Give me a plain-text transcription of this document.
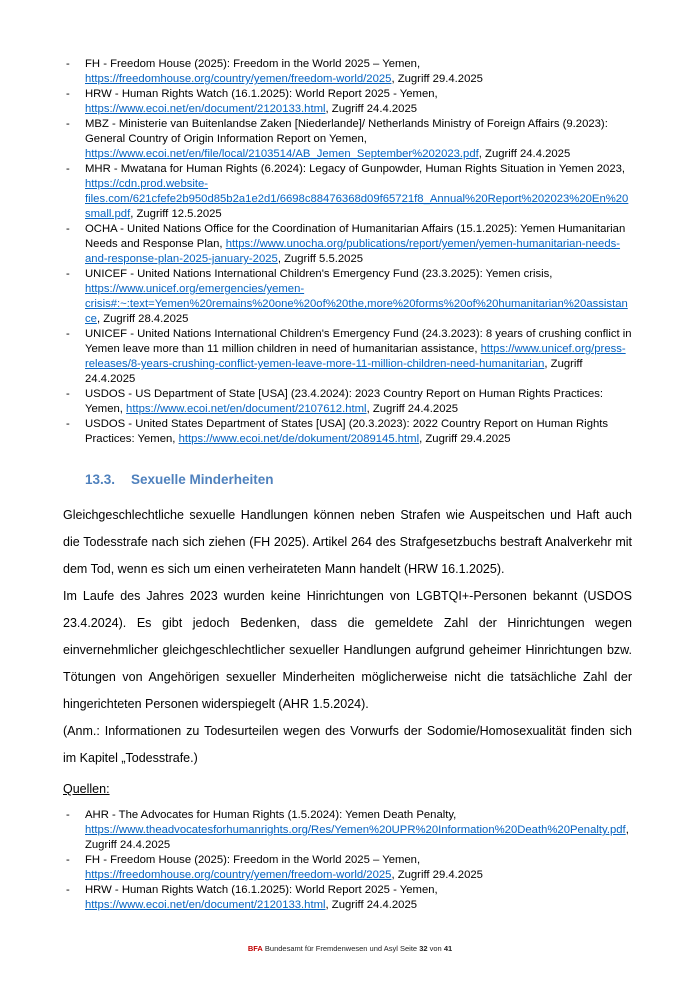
- FH - Freedom House (2025): Freedom in the World 2025 – Yemen, https://freedomhouse.org/country/yemen/freedom-world/2025, Zugriff 29.4.2025
- HRW - Human Rights Watch (16.1.2025): World Report 2025 - Yemen, https://www.ecoi.net/en/document/2120133.html, Zugriff 24.4.2025
- MBZ - Ministerie van Buitenlandse Zaken [Niederlande]/ Netherlands Ministry of Foreign Affairs (9.2023): General Country of Origin Information Report on Yemen, https://www.ecoi.net/en/file/local/2103514/AB_Jemen_September%202023.pdf, Zugriff 24.4.2025
- MHR - Mwatana for Human Rights (6.2024): Legacy of Gunpowder, Human Rights Situation in Yemen 2023, https://cdn.prod.website-files.com/621cfefe2b950d85b2a1e2d1/6698c88476368d09f65721f8_Annual%20Report%202023%20En%20small.pdf, Zugriff 12.5.2025
- OCHA - United Nations Office for the Coordination of Humanitarian Affairs (15.1.2025): Yemen Humanitarian Needs and Response Plan, https://www.unocha.org/publications/report/yemen/yemen-humanitarian-needs-and-response-plan-2025-january-2025, Zugriff 5.5.2025
- UNICEF - United Nations International Children's Emergency Fund (23.3.2025): Yemen crisis, https://www.unicef.org/emergencies/yemen-crisis#:~:text=Yemen%20remains%20one%20of%20the,more%20forms%20of%20humanitarian%20assistance, Zugriff 28.4.2025
- UNICEF - United Nations International Children's Emergency Fund (24.3.2023): 8 years of crushing conflict in Yemen leave more than 11 million children in need of humanitarian assistance, https://www.unicef.org/press-releases/8-years-crushing-conflict-yemen-leave-more-11-million-children-need-humanitarian, Zugriff 24.4.2025
- USDOS - US Department of State [USA] (23.4.2024): 2023 Country Report on Human Rights Practices: Yemen, https://www.ecoi.net/en/document/2107612.html, Zugriff 24.4.2025
- USDOS - United States Department of States [USA] (20.3.2023): 2022 Country Report on Human Rights Practices: Yemen, https://www.ecoi.net/de/dokument/2089145.html, Zugriff 29.4.2025
13.3. Sexuelle Minderheiten

Gleichgeschlechtliche sexuelle Handlungen können neben Strafen wie Auspeitschen und Haft auch die Todesstrafe nach sich ziehen (FH 2025). Artikel 264 des Strafgesetzbuchs bestraft Analverkehr mit dem Tod, wenn es sich um einen verheirateten Mann handelt (HRW 16.1.2025).

Im Laufe des Jahres 2023 wurden keine Hinrichtungen von LGBTQI+-Personen bekannt (USDOS 23.4.2024). Es gibt jedoch Bedenken, dass die gemeldete Zahl der Hinrichtungen wegen einvernehmlicher gleichgeschlechtlicher sexueller Handlungen aufgrund geheimer Hinrichtungen bzw. Tötungen von Angehörigen sexueller Minderheiten möglicherweise nicht die tatsächliche Zahl der hingerichteten Personen widerspiegelt (AHR 1.5.2024).

(Anm.: Informationen zu Todesurteilen wegen des Vorwurfs der Sodomie/Homosexualität finden sich im Kapitel „Todesstrafe.)

Quellen:

- AHR - The Advocates for Human Rights (1.5.2024): Yemen Death Penalty, https://www.theadvocatesforhumanrights.org/Res/Yemen%20UPR%20Information%20Death%20Penalty.pdf, Zugriff 24.4.2025
- FH - Freedom House (2025): Freedom in the World 2025 – Yemen, https://freedomhouse.org/country/yemen/freedom-world/2025, Zugriff 29.4.2025
- HRW - Human Rights Watch (16.1.2025): World Report 2025 - Yemen, https://www.ecoi.net/en/document/2120133.html, Zugriff 24.4.2025
BFA Bundesamt für Fremdenwesen und Asyl Seite 32 von 41
